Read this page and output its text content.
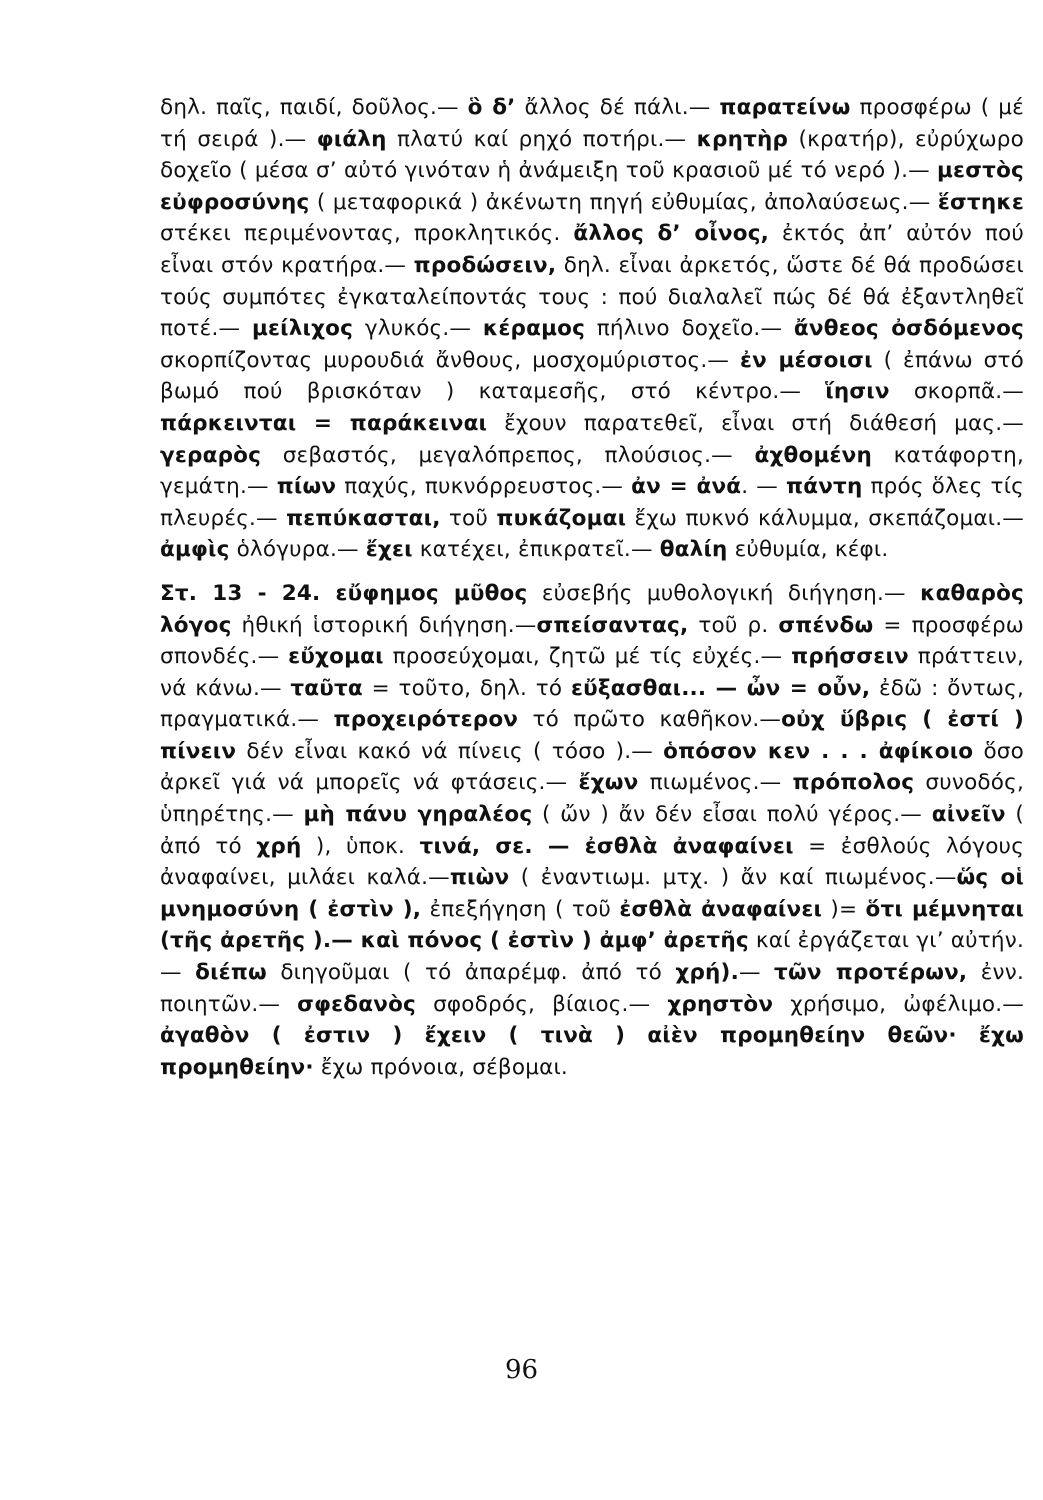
δηλ. παῖς, παιδί, δοῦλος.— ὃ δ’ ἄλλος δέ πάλι.— παρατείνω προσφέρω ( μέ τή σειρά ).— φιάλη πλατύ καί ρηχό ποτήρι.— κρητὴρ (κρατήρ), εὐρύχωρο δοχεῖο ( μέσα σ’ αὐτό γινόταν ἡ ἀνάμειξη τοῦ κρασιοῦ μέ τό νερό ).— μεστὸς εὐφροσύνης ( μεταφορικά ) ἀκένωτη πηγή εὐθυμίας, ἀπολαύσεως.— ἕστηκε στέκει περιμένοντας, προκλητικός. ἄλλος δ’ οἶνος, ἐκτός ἀπ’ αὐτόν πού εἶναι στόν κρατήρα.— προδώσειν, δηλ. εἶναι ἀρκετός, ὥστε δέ θά προδώσει τούς συμπότες ἐγκαταλείποντάς τους : πού διαλαλεῖ πώς δέ θά ἐξαντληθεῖ ποτέ.— μείλιχος γλυκός.— κέραμος πήλινο δοχεῖο.— ἄνθεος ὀσδόμενος σκορπίζοντας μυρουδιά ἄνθους, μοσχομύριστος.— ἐν μέσοισι ( ἐπάνω στό βωμό πού βρισκόταν ) καταμεσῆς, στό κέντρο.— ἵησιν σκορπᾶ.— πάρκεινται = παράκειναι ἔχουν παρατεθεῖ, εἶναι στή διάθεσή μας.— γεραρὸς σεβαστός, μεγαλόπρεπος, πλούσιος.— ἀχθομένη κατάφορτη, γεμάτη.— πίων παχύς, πυκνόρρευστος.— ἀν = ἀνά. — πάντη πρός ὅλες τίς πλευρές.— πεπύκασται, τοῦ πυκάζομαι ἔχω πυκνό κάλυμμα, σκεπάζομαι.— ἀμφὶς ὁλόγυρα.— ἔχει κατέχει, ἐπικρατεῖ.— θαλίη εὐθυμία, κέφι.

Στ. 13 - 24. εὔφημος μῦθος εὐσεβής μυθολογική διήγηση.— καθαρὸς λόγος ἠθική ἱστορική διήγηση.—σπείσαντας, τοῦ ρ. σπένδω = προσφέρω σπονδές.— εὔχομαι προσεύχομαι, ζητῶ μέ τίς εὐχές.— πρήσσειν πράττειν, νά κάνω.— ταῦτα = τοῦτο, δηλ. τό εὔξασθαι... — ὦν = οὖν, ἐδῶ : ὄντως, πραγματικά.— προχειρότερον τό πρῶτο καθῆκον.—οὐχ ὕβρις ( ἐστί ) πίνειν δέν εἶναι κακό νά πίνεις ( τόσο ).— ὁπόσον κεν . . . ἀφίκοιο ὅσο ἀρκεῖ γιά νά μπορεῖς νά φτάσεις.— ἔχων πιωμένος.— πρόπολος συνοδός, ὑπηρέτης.— μὴ πάνυ γηραλέος ( ὤν ) ἄν δέν εἶσαι πολύ γέρος.— αἰνεῖν ( ἀπό τό χρή ), ὑποκ. τινά, σε. — ἐσθλὰ ἀναφαίνει = ἐσθλούς λόγους ἀναφαίνει, μιλάει καλά.—πιὼν ( ἐναντιωμ. μτχ. ) ἄν καί πιωμένος.—ὥς οἱ μνημοσύνη ( ἐστὶν ), ἐπεξήγηση ( τοῦ ἐσθλὰ ἀναφαίνει )= ὅτι μέμνηται (τῆς ἀρετῆς ).— καὶ πόνος ( ἐστὶν ) ἀμφ’ ἀρετῆς καί ἐργάζεται γι’ αὐτήν.— διέπω διηγοῦμαι ( τό ἀπαρέμφ. ἀπό τό χρή).— τῶν προτέρων, ἐνν. ποιητῶν.— σφεδανὸς σφοδρός, βίαιος.— χρηστὸν χρήσιμο, ὠφέλιμο.— ἀγαθὸν ( ἐστιν ) ἔχειν ( τινὰ ) αἰὲν προμηθείην θεῶν· ἔχω προμηθείην· ἔχω πρόνοια, σέβομαι.

96
